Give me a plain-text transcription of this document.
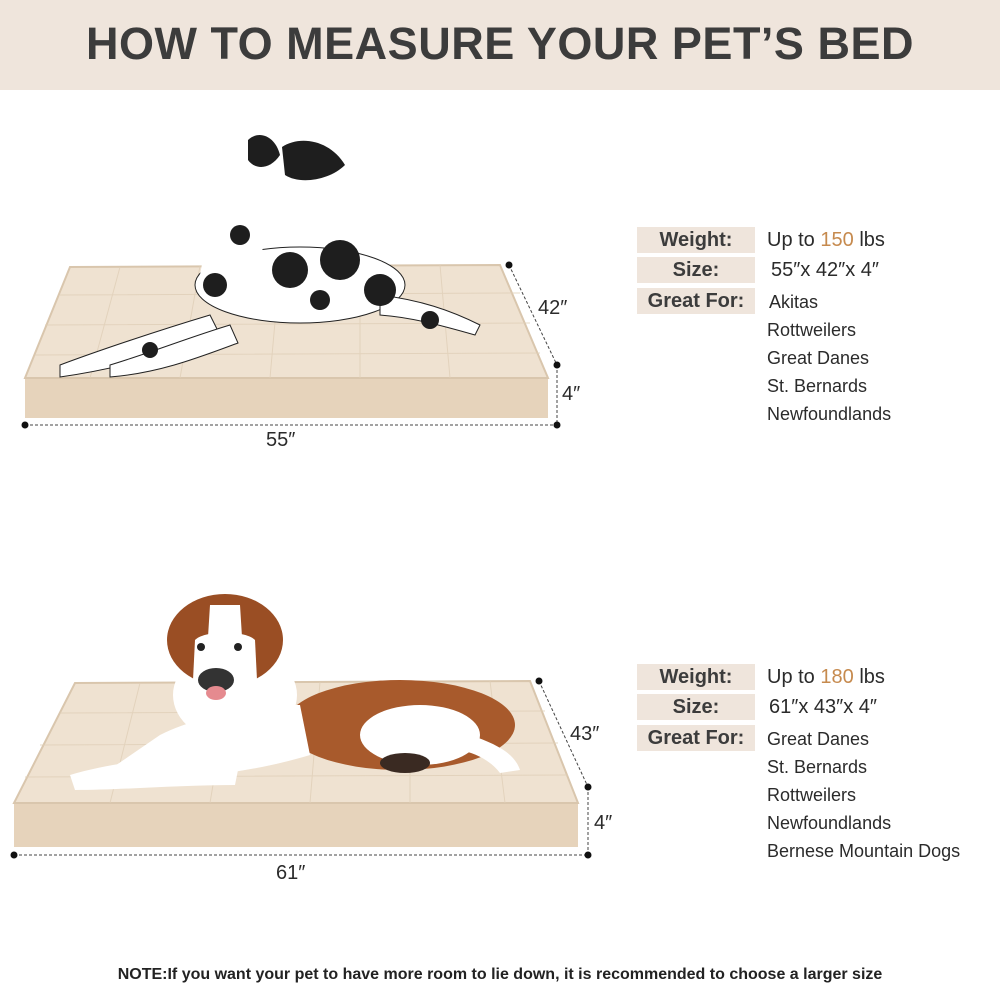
HOW TO MEASURE YOUR PET’S BED
55″
42″
4″
Weight:	Up to 150 lbs
Size:	55″x 42″x 4″
Great For:	Akitas
Rottweilers
Great Danes
St. Bernards
Newfoundlands
61″
43″
4″
Weight:	Up to 180 lbs
Size:	61″x 43″x 4″
Great For:	Great Danes
St. Bernards
Rottweilers
Newfoundlands
Bernese Mountain Dogs
NOTE:If you want your pet to have more room to lie down, it is recommended to choose a larger size
